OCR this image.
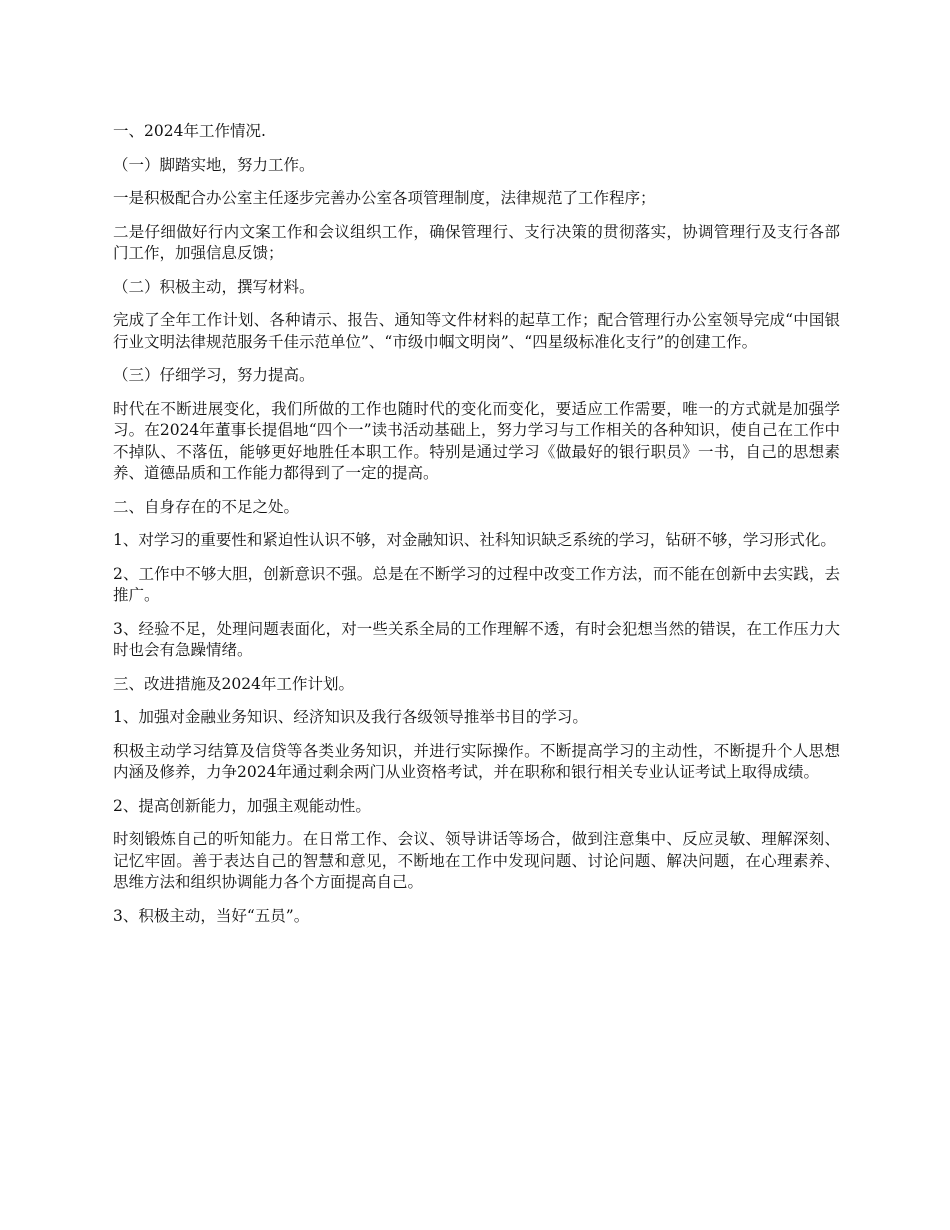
一、2024年工作情况.

（一）脚踏实地，努力工作。

一是积极配合办公室主任逐步完善办公室各项管理制度，法律规范了工作程序；

二是仔细做好行内文案工作和会议组织工作，确保管理行、支行决策的贯彻落实，协调管理行及支行各部门工作，加强信息反馈；

（二）积极主动，撰写材料。

完成了全年工作计划、各种请示、报告、通知等文件材料的起草工作；配合管理行办公室领导完成“中国银行业文明法律规范服务千佳示范单位”、“市级巾帼文明岗”、“四星级标准化支行”的创建工作。

（三）仔细学习，努力提高。

时代在不断进展变化，我们所做的工作也随时代的变化而变化，要适应工作需要，唯一的方式就是加强学习。在2024年董事长提倡地“四个一”读书活动基础上，努力学习与工作相关的各种知识，使自己在工作中不掉队、不落伍，能够更好地胜任本职工作。特别是通过学习《做最好的银行职员》一书，自己的思想素养、道德品质和工作能力都得到了一定的提高。

二、自身存在的不足之处。

1、对学习的重要性和紧迫性认识不够，对金融知识、社科知识缺乏系统的学习，钻研不够，学习形式化。

2、工作中不够大胆，创新意识不强。总是在不断学习的过程中改变工作方法，而不能在创新中去实践，去推广。

3、经验不足，处理问题表面化，对一些关系全局的工作理解不透，有时会犯想当然的错误，在工作压力大时也会有急躁情绪。

三、改进措施及2024年工作计划。

1、加强对金融业务知识、经济知识及我行各级领导推举书目的学习。

积极主动学习结算及信贷等各类业务知识，并进行实际操作。不断提高学习的主动性，不断提升个人思想内涵及修养，力争2024年通过剩余两门从业资格考试，并在职称和银行相关专业认证考试上取得成绩。

2、提高创新能力，加强主观能动性。

时刻锻炼自己的听知能力。在日常工作、会议、领导讲话等场合，做到注意集中、反应灵敏、理解深刻、记忆牢固。善于表达自己的智慧和意见，不断地在工作中发现问题、讨论问题、解决问题，在心理素养、思维方法和组织协调能力各个方面提高自己。

3、积极主动，当好“五员”。
